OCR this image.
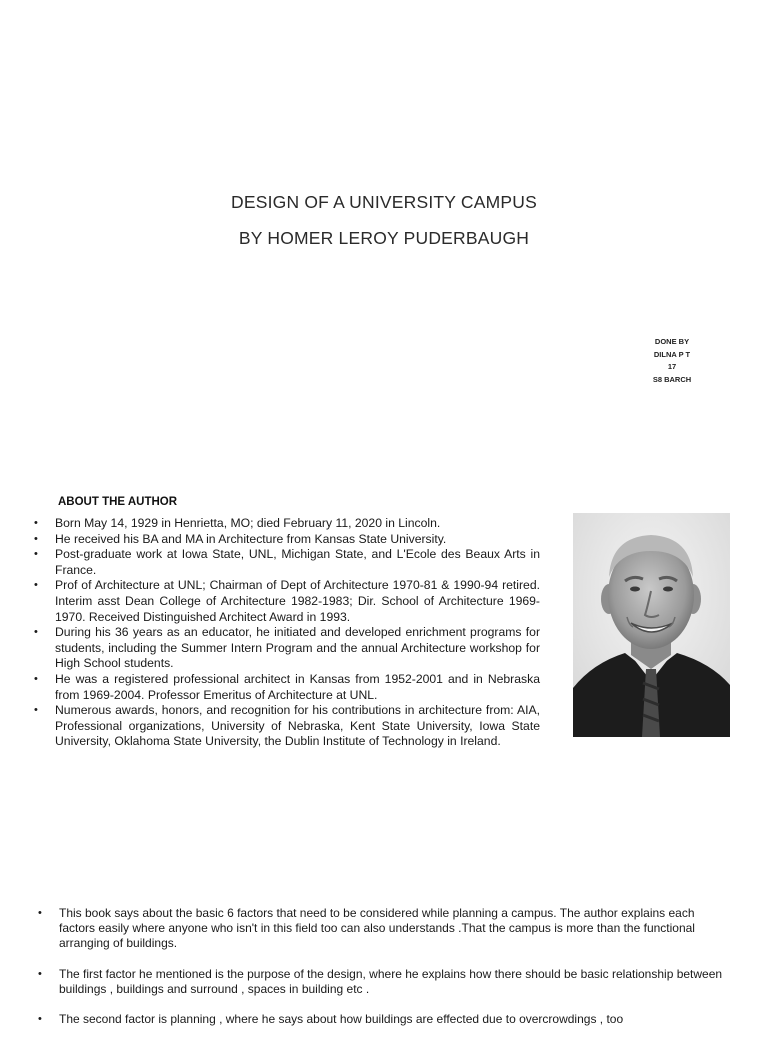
DESIGN OF A UNIVERSITY CAMPUS
BY HOMER LEROY PUDERBAUGH
DONE BY
DILNA P T
17
S8 BARCH
ABOUT THE AUTHOR
• Born May 14, 1929 in Henrietta, MO; died February 11, 2020 in Lincoln.
• He received his BA and MA in Architecture from Kansas State University.
• Post-graduate work at Iowa State, UNL, Michigan State, and L'Ecole des Beaux Arts in France.
• Prof of Architecture at UNL; Chairman of Dept of Architecture 1970-81 & 1990-94 retired. Interim asst Dean College of Architecture 1982-1983; Dir. School of Architecture 1969-1970. Received Distinguished Architect Award in 1993.
• During his 36 years as an educator, he initiated and developed enrichment programs for students, including the Summer Intern Program and the annual Architecture workshop for High School students.
• He was a registered professional architect in Kansas from 1952-2001 and in Nebraska from 1969-2004. Professor Emeritus of Architecture at UNL.
• Numerous awards, honors, and recognition for his contributions in architecture from: AIA, Professional organizations, University of Nebraska, Kent State University, Iowa State University, Oklahoma State University, the Dublin Institute of Technology in Ireland.
• This book says about the basic 6 factors that need to be considered while planning a campus. The author explains each factors easily where anyone who isn't in this field too can also understands .That the campus is more than the functional arranging of buildings.
• The first factor he mentioned is the purpose of the design, where he explains how there should be basic relationship between buildings , buildings and surround , spaces in building etc .
• The second factor is planning , where he says about how buildings are effected due to overcrowdings , too
